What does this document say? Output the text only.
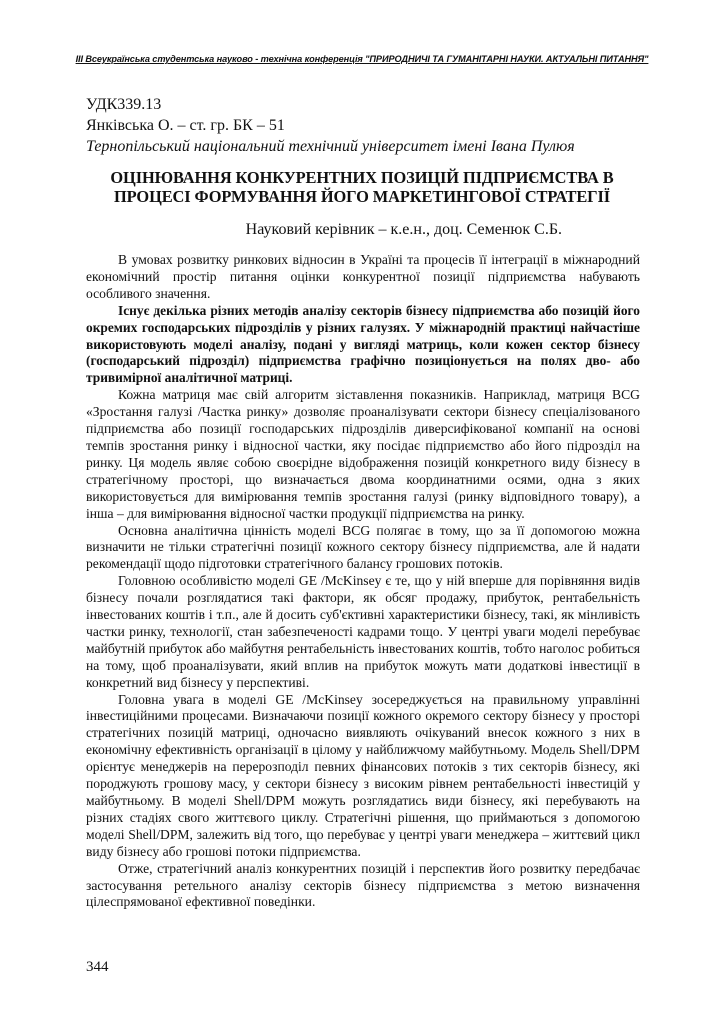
III Всеукраїнська студентська науково - технічна конференція "ПРИРОДНИЧІ ТА ГУМАНІТАРНІ НАУКИ. АКТУАЛЬНІ ПИТАННЯ"
УДК339.13
Янківська О. – ст. гр. БК – 51
Тернопільський національний технічний університет імені Івана Пулюя
ОЦІНЮВАННЯ КОНКУРЕНТНИХ ПОЗИЦІЙ ПІДПРИЄМСТВА В ПРОЦЕСІ ФОРМУВАННЯ ЙОГО МАРКЕТИНГОВОЇ СТРАТЕГІЇ
Науковий керівник – к.е.н., доц. Семенюк С.Б.

В умовах розвитку ринкових відносин в Україні та процесів її інтеграції в міжнародний економічний простір питання оцінки конкурентної позиції підприємства набувають особливого значення.

Існує декілька різних методів аналізу секторів бізнесу підприємства або позицій його окремих господарських підрозділів у різних галузях. У міжнародній практиці найчастіше використовують моделі аналізу, подані у вигляді матриць, коли кожен сектор бізнесу (господарський підрозділ) підприємства графічно позиціонується на полях дво- або тривимірної аналітичної матриці.

Кожна матриця має свій алгоритм зіставлення показників. Наприклад, матриця BCG «Зростання галузі /Частка ринку» дозволяє проаналізувати сектори бізнесу спеціалізованого підприємства або позиції господарських підрозділів диверсифікованої компанії на основі темпів зростання ринку і відносної частки, яку посідає підприємство або його підрозділ на ринку. Ця модель являє собою своєрідне відображення позицій конкретного виду бізнесу в стратегічному просторі, що визначається двома координатними осями, одна з яких використовується для вимірювання темпів зростання галузі (ринку відповідного товару), а інша – для вимірювання відносної частки продукції підприємства на ринку.

Основна аналітична цінність моделі BCG полягає в тому, що за її допомогою можна визначити не тільки стратегічні позиції кожного сектору бізнесу підприємства, але й надати рекомендації щодо підготовки стратегічного балансу грошових потоків.

Головною особливістю моделі GE /McKinsey є те, що у ній вперше для порівняння видів бізнесу почали розглядатися такі фактори, як обсяг продажу, прибуток, рентабельність інвестованих коштів і т.п., але й досить суб'єктивні характеристики бізнесу, такі, як мінливість частки ринку, технології, стан забезпеченості кадрами тощо. У центрі уваги моделі перебуває майбутній прибуток або майбутня рентабельність інвестованих коштів, тобто наголос робиться на тому, щоб проаналізувати, який вплив на прибуток можуть мати додаткові інвестиції в конкретний вид бізнесу у перспективі.

Головна увага в моделі GE /McKinsey зосереджується на правильному управлінні інвестиційними процесами. Визначаючи позиції кожного окремого сектору бізнесу у просторі стратегічних позицій матриці, одночасно виявляють очікуваний внесок кожного з них в економічну ефективність організації в цілому у найближчому майбутньому. Модель Shell/DPM орієнтує менеджерів на перерозподіл певних фінансових потоків з тих секторів бізнесу, які породжують грошову масу, у сектори бізнесу з високим рівнем рентабельності інвестицій у майбутньому. В моделі Shell/DPM можуть розглядатись види бізнесу, які перебувають на різних стадіях свого життєвого циклу. Стратегічні рішення, що приймаються з допомогою моделі Shell/DPM, залежить від того, що перебуває у центрі уваги менеджера – життєвий цикл виду бізнесу або грошові потоки підприємства.

Отже, стратегічний аналіз конкурентних позицій і перспектив його розвитку передбачає застосування ретельного аналізу секторів бізнесу підприємства з метою визначення цілеспрямованої ефективної поведінки.

344
